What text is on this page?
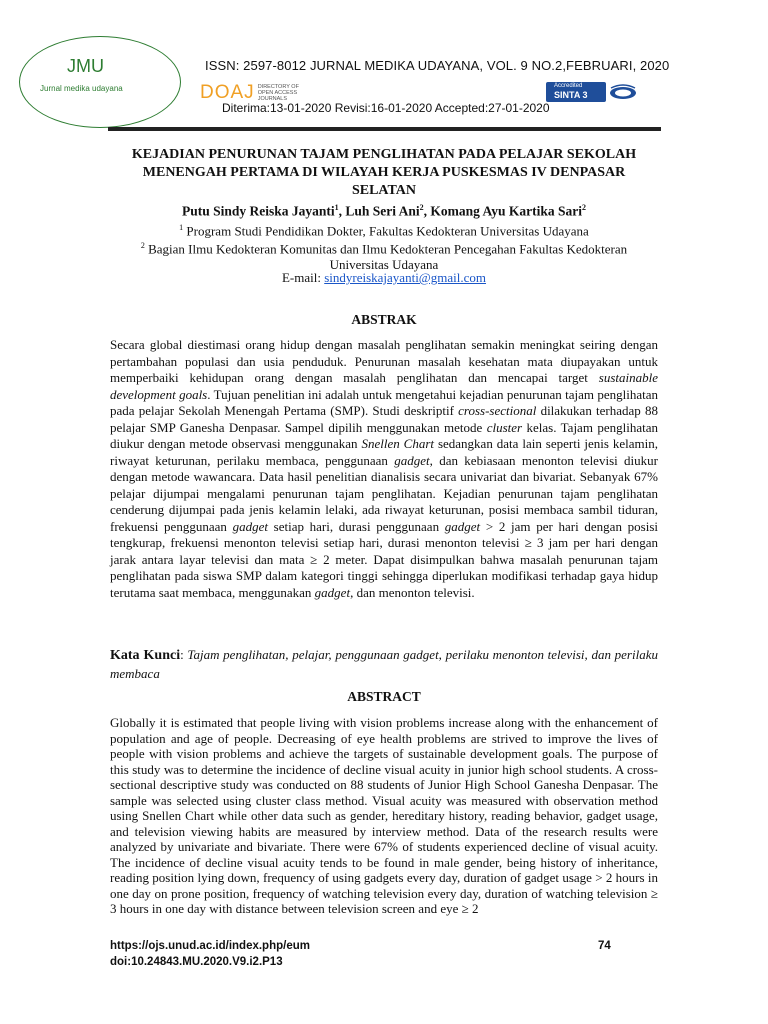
JMU
Jurnal medika udayana
ISSN: 2597-8012 JURNAL MEDIKA UDAYANA, VOL. 9 NO.2,FEBRUARI, 2020
DOAJ DIRECTORY OF
OPEN ACCESS
JOURNALS
Accredited
SINTA 3
Diterima:13-01-2020 Revisi:16-01-2020 Accepted:27-01-2020
KEJADIAN PENURUNAN TAJAM PENGLIHATAN PADA PELAJAR SEKOLAH MENENGAH PERTAMA DI WILAYAH KERJA PUSKESMAS IV DENPASAR SELATAN
Putu Sindy Reiska Jayanti$^1$, Luh Seri Ani$^2$, Komang Ayu Kartika Sari$^2$
$^1$ Program Studi Pendidikan Dokter, Fakultas Kedokteran Universitas Udayana
$^2$ Bagian Ilmu Kedokteran Komunitas dan Ilmu Kedokteran Pencegahan Fakultas Kedokteran Universitas Udayana
E-mail: sindyreiskajayanti@gmail.com
ABSTRAK
Secara global diestimasi orang hidup dengan masalah penglihatan semakin meningkat seiring dengan pertambahan populasi dan usia penduduk. Penurunan masalah kesehatan mata diupayakan untuk memperbaiki kehidupan orang dengan masalah penglihatan dan mencapai target sustainable development goals. Tujuan penelitian ini adalah untuk mengetahui kejadian penurunan tajam penglihatan pada pelajar Sekolah Menengah Pertama (SMP). Studi deskriptif cross-sectional dilakukan terhadap 88 pelajar SMP Ganesha Denpasar. Sampel dipilih menggunakan metode cluster kelas. Tajam penglihatan diukur dengan metode observasi menggunakan Snellen Chart sedangkan data lain seperti jenis kelamin, riwayat keturunan, perilaku membaca, penggunaan gadget, dan kebiasaan menonton televisi diukur dengan metode wawancara. Data hasil penelitian dianalisis secara univariat dan bivariat. Sebanyak 67% pelajar dijumpai mengalami penurunan tajam penglihatan. Kejadian penurunan tajam penglihatan cenderung dijumpai pada jenis kelamin lelaki, ada riwayat keturunan, posisi membaca sambil tiduran, frekuensi penggunaan gadget setiap hari, durasi penggunaan gadget > 2 jam per hari dengan posisi tengkurap, frekuensi menonton televisi setiap hari, durasi menonton televisi ≥ 3 jam per hari dengan jarak antara layar televisi dan mata ≥ 2 meter. Dapat disimpulkan bahwa masalah penurunan tajam penglihatan pada siswa SMP dalam kategori tinggi sehingga diperlukan modifikasi terhadap gaya hidup terutama saat membaca, menggunakan gadget, dan menonton televisi.
Kata Kunci: Tajam penglihatan, pelajar, penggunaan gadget, perilaku menonton televisi, dan perilaku membaca
ABSTRACT
Globally it is estimated that people living with vision problems increase along with the enhancement of population and age of people. Decreasing of eye health problems are strived to improve the lives of people with vision problems and achieve the targets of sustainable development goals. The purpose of this study was to determine the incidence of decline visual acuity in junior high school students. A cross-sectional descriptive study was conducted on 88 students of Junior High School Ganesha Denpasar. The sample was selected using cluster class method. Visual acuity was measured with observation method using Snellen Chart while other data such as gender, hereditary history, reading behavior, gadget usage, and television viewing habits are measured by interview method. Data of the research results were analyzed by univariate and bivariate. There were 67% of students experienced decline of visual acuity. The incidence of decline visual acuity tends to be found in male gender, being history of inheritance, reading position lying down, frequency of using gadgets every day, duration of gadget usage > 2 hours in one day on prone position, frequency of watching television every day, duration of watching television ≥ 3 hours in one day with distance between television screen and eye ≥ 2
https://ojs.unud.ac.id/index.php/eum
doi:10.24843.MU.2020.V9.i2.P13
74
